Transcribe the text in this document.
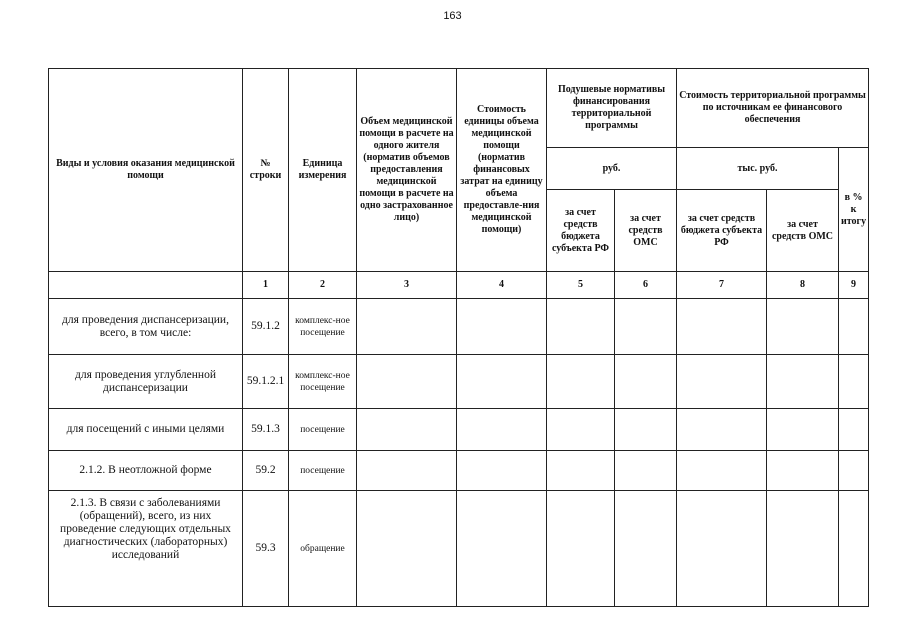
163
Виды и условия оказания медицинской помощи	№ строки	Единица измерения	Объем медицинской помощи в расчете на одного жителя (норматив объемов предоставления медицинской помощи в расчете на одно застрахованное лицо)	Стоимость единицы объема медицинской помощи (норматив финансовых затрат на единицу объема предоставле-ния медицинской помощи)	Подушевые нормативы финансирования территориальной программы		Стоимость территориальной программы по источникам ее финансового обеспечения		
					руб.		тыс. руб.		в % к итогу
					за счет средств бюджета субъекта РФ	за счет средств ОМС	за счет средств бюджета субъекта РФ	за счет средств ОМС	
	1	2	3	4	5	6	7	8	9
для проведения диспансеризации, всего, в том числе:	59.1.2	комплекс-ное посещение							
для проведения углубленной диспансеризации	59.1.2.1	комплекс-ное посещение							
для посещений с иными целями	59.1.3	посещение							
2.1.2. В неотложной форме	59.2	посещение							
2.1.3. В связи с заболеваниями (обращений), всего, из них проведение следующих отдельных диагностических (лабораторных) исследований	59.3	обращение							
